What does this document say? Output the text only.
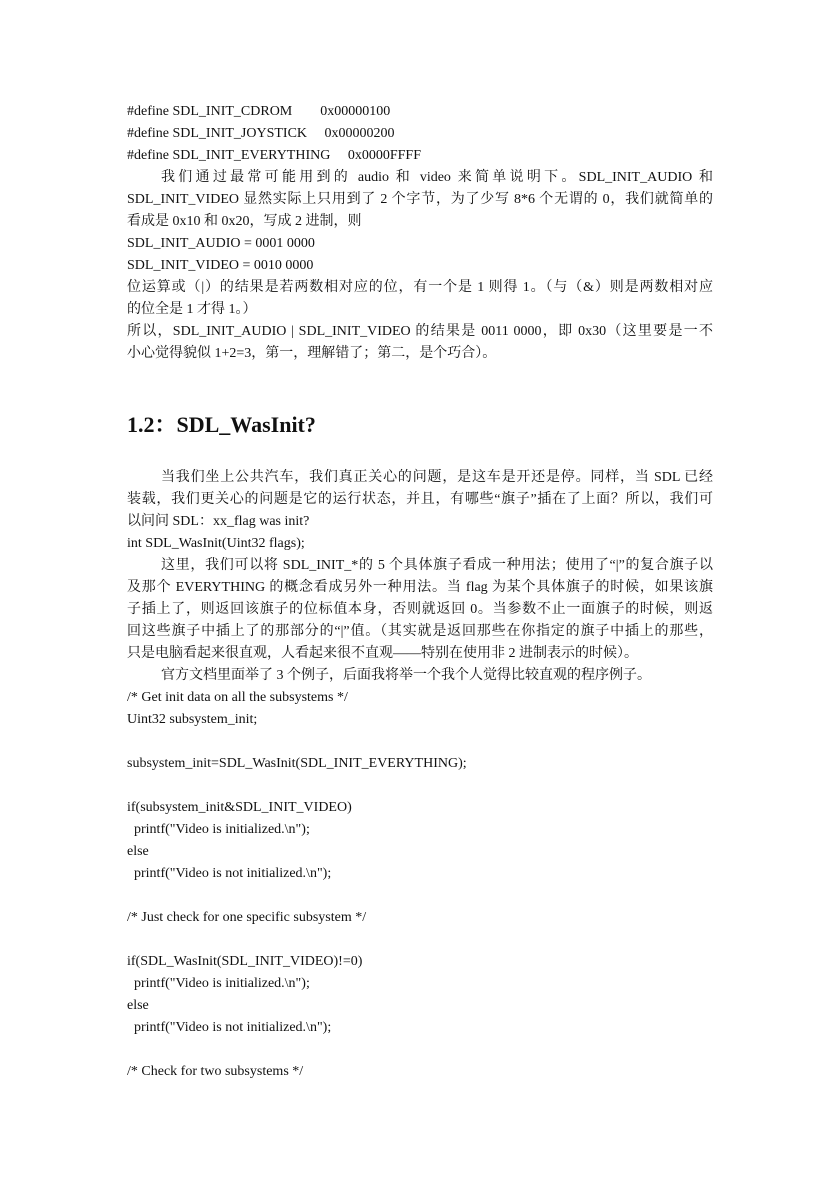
#define SDL_INIT_CDROM        0x00000100
#define SDL_INIT_JOYSTICK     0x00000200
#define SDL_INIT_EVERYTHING     0x0000FFFF
我们通过最常可能用到的 audio 和 video 来简单说明下。SDL_INIT_AUDIO 和
SDL_INIT_VIDEO 显然实际上只用到了 2 个字节，为了少写 8*6 个无谓的 0，我们就简单的
看成是 0x10 和 0x20，写成 2 进制，则
SDL_INIT_AUDIO = 0001 0000
SDL_INIT_VIDEO = 0010 0000
位运算或（|）的结果是若两数相对应的位，有一个是 1 则得 1。（与（&）则是两数相对应
的位全是 1 才得 1。）
所以，SDL_INIT_AUDIO | SDL_INIT_VIDEO 的结果是 0011 0000，即 0x30（这里要是一不
小心觉得貌似 1+2=3，第一，理解错了；第二，是个巧合）。
1.2：SDL_WasInit?
当我们坐上公共汽车，我们真正关心的问题，是这车是开还是停。同样，当 SDL 已经
装载，我们更关心的问题是它的运行状态，并且，有哪些“旗子”插在了上面？所以，我们可
以问问 SDL：xx_flag was init?
int SDL_WasInit(Uint32 flags);
这里，我们可以将 SDL_INIT_*的 5 个具体旗子看成一种用法；使用了“|”的复合旗子以
及那个 EVERYTHING 的概念看成另外一种用法。当 flag 为某个具体旗子的时候，如果该旗
子插上了，则返回该旗子的位标值本身，否则就返回 0。当参数不止一面旗子的时候，则返
回这些旗子中插上了的那部分的“|”值。（其实就是返回那些在你指定的旗子中插上的那些，
只是电脑看起来很直观，人看起来很不直观——特别在使用非 2 进制表示的时候）。
官方文档里面举了 3 个例子，后面我将举一个我个人觉得比较直观的程序例子。
/* Get init data on all the subsystems */
Uint32 subsystem_init;
subsystem_init=SDL_WasInit(SDL_INIT_EVERYTHING);
if(subsystem_init&SDL_INIT_VIDEO)
printf("Video is initialized.\n");
else
printf("Video is not initialized.\n");
/* Just check for one specific subsystem */
if(SDL_WasInit(SDL_INIT_VIDEO)!=0)
printf("Video is initialized.\n");
else
printf("Video is not initialized.\n");
/* Check for two subsystems */
